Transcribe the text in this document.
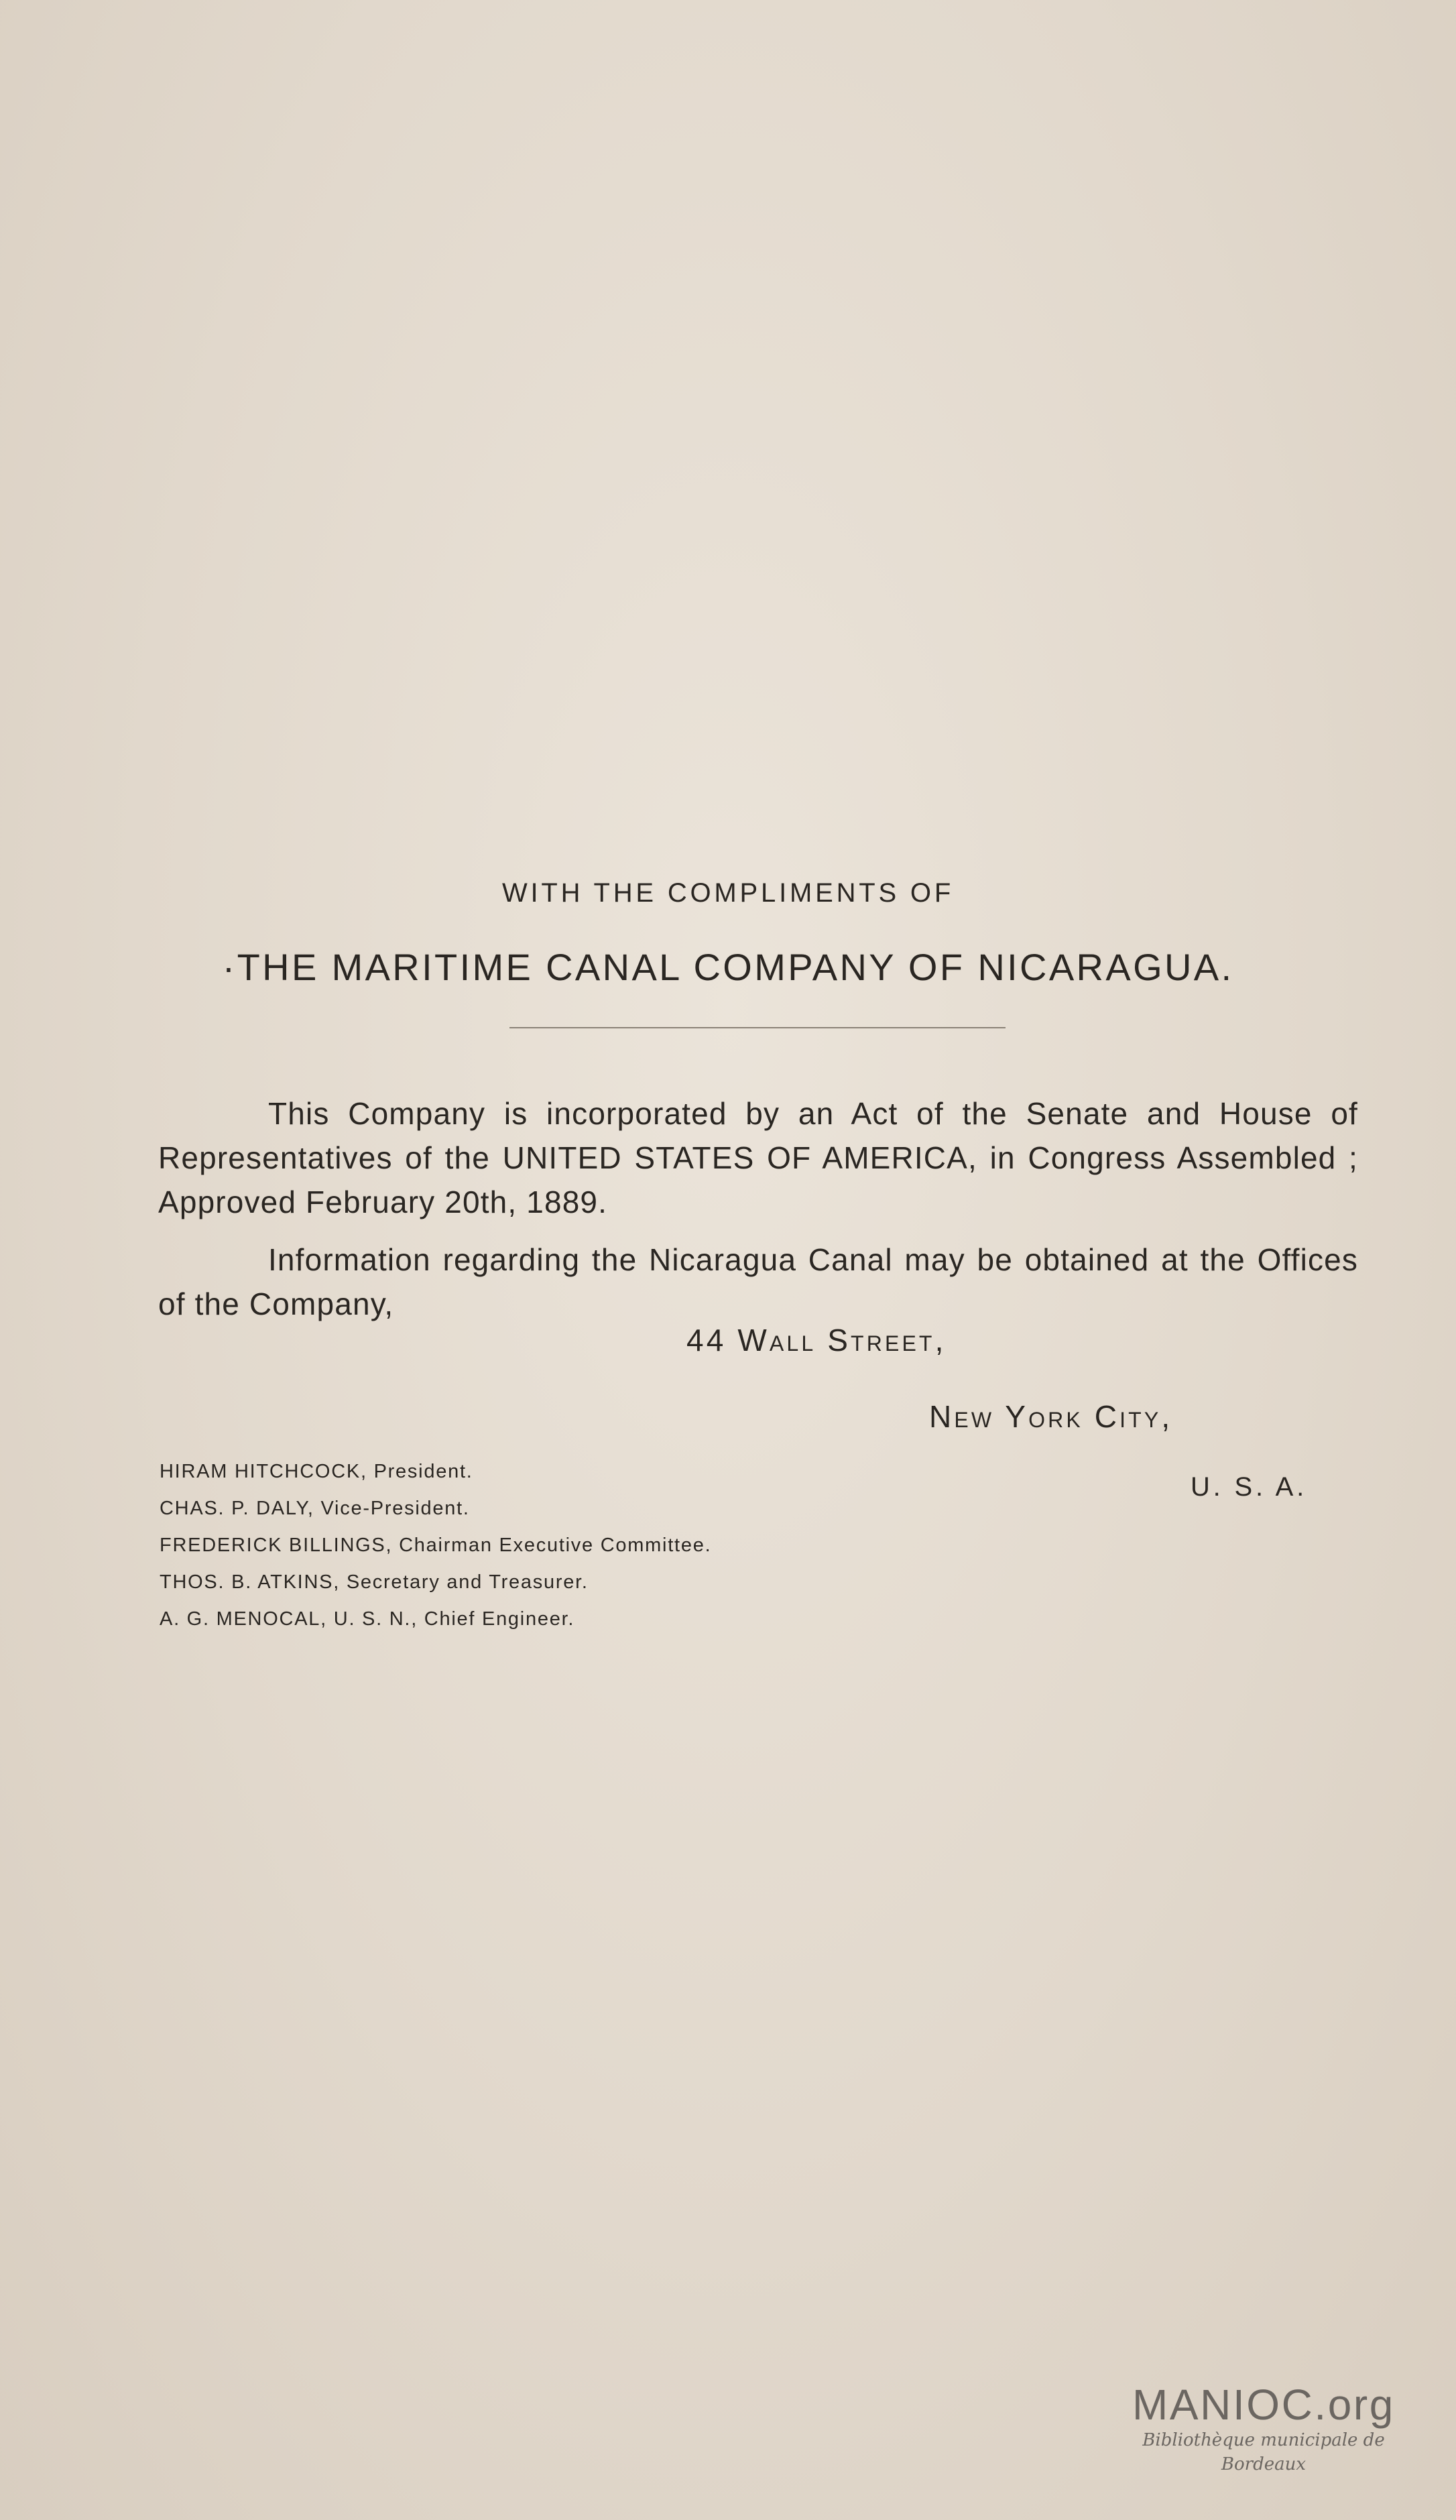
WITH THE COMPLIMENTS OF
·THE MARITIME CANAL COMPANY OF NICARAGUA.
This Company is incorporated by an Act of the Senate and House of Representatives of the UNITED STATES OF AMERICA, in Congress Assembled ; Approved February 20th, 1889.
Information regarding the Nicaragua Canal may be obtained at the Offices of the Company,
44 Wall Street,
New York City,
U. S. A.
HIRAM HITCHCOCK, President.
CHAS. P. DALY, Vice-President.
FREDERICK BILLINGS, Chairman Executive Committee.
THOS. B. ATKINS, Secretary and Treasurer.
A. G. MENOCAL, U. S. N., Chief Engineer.
MANIOC.org
Bibliothèque municipale de Bordeaux
